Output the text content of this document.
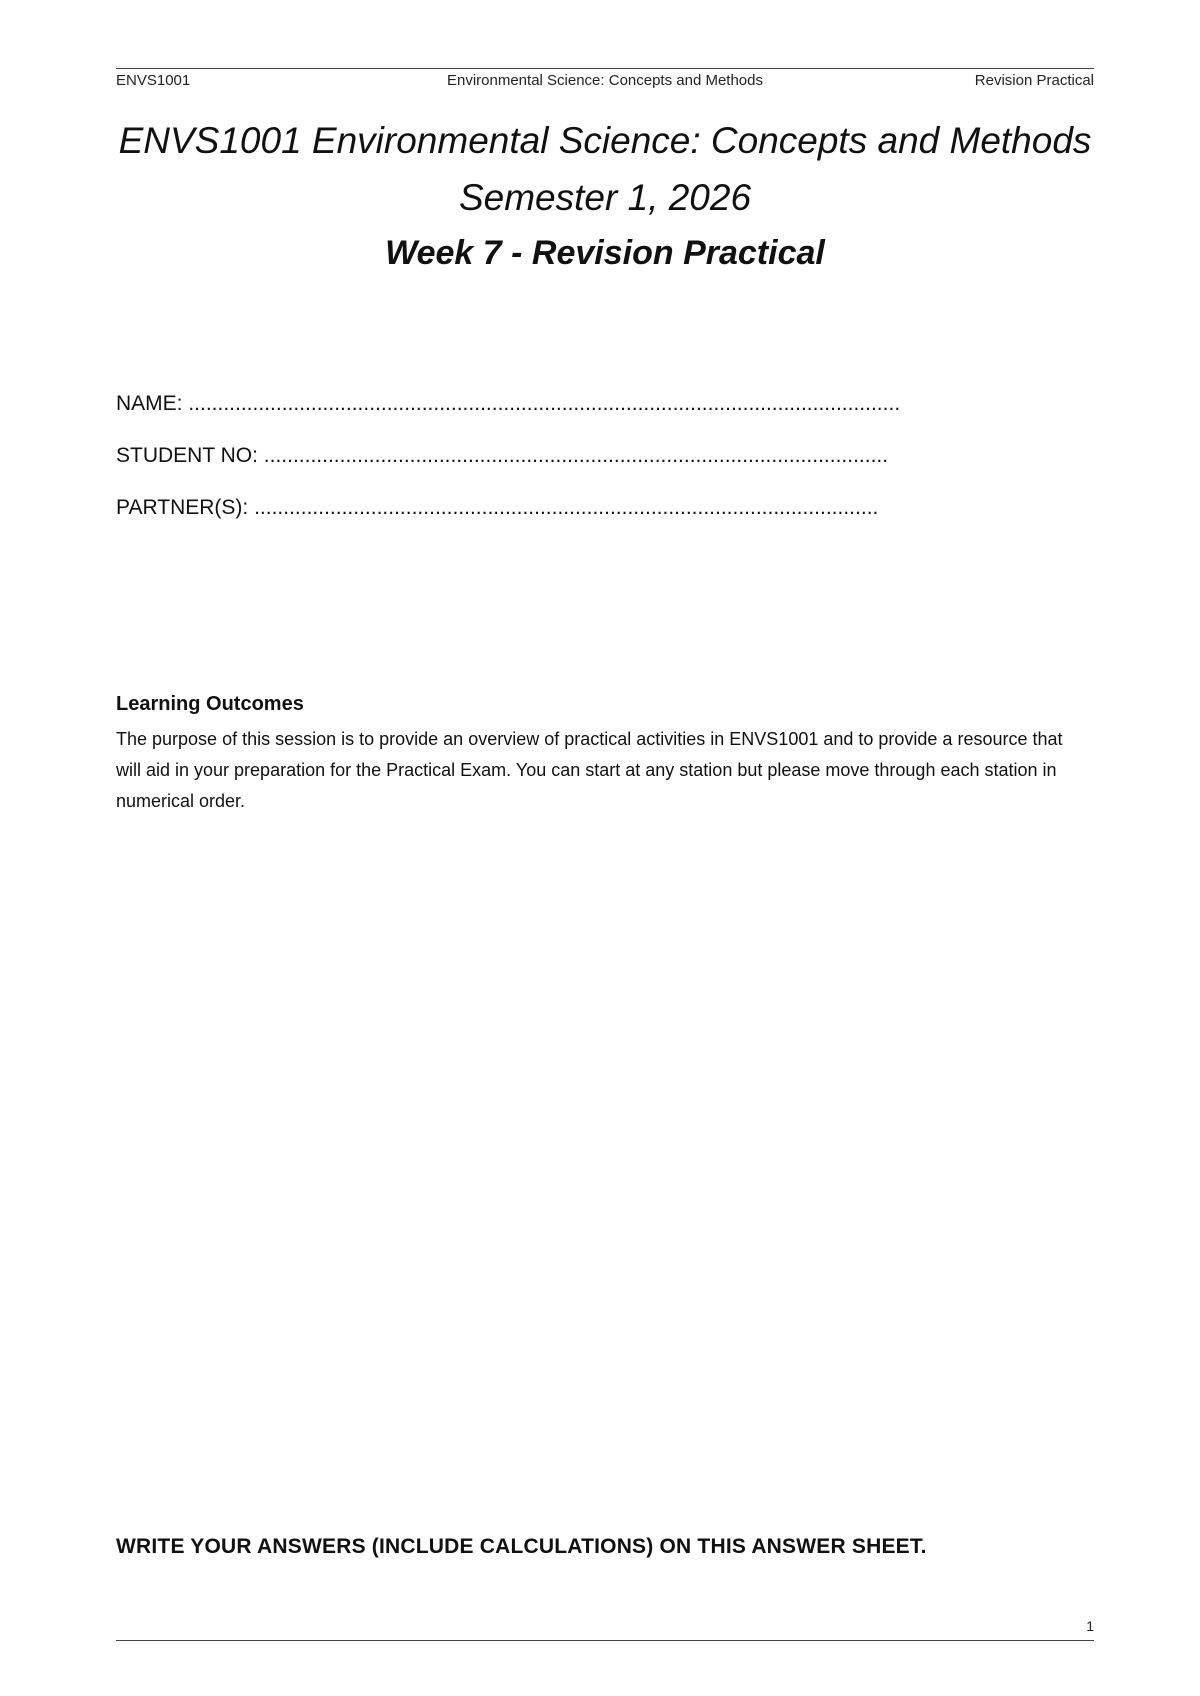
ENVS1001	Environmental Science: Concepts and Methods	Revision Practical
ENVS1001 Environmental Science: Concepts and Methods
Semester 1, 2026
Week 7 - Revision Practical
NAME: ..........................................................................................................................
STUDENT NO: ...........................................................................................................
PARTNER(S): ...........................................................................................................
Learning Outcomes

The purpose of this session is to provide an overview of practical activities in ENVS1001 and to provide a resource that will aid in your preparation for the Practical Exam. You can start at any station but please move through each station in numerical order.

WRITE YOUR ANSWERS (INCLUDE CALCULATIONS) ON THIS ANSWER SHEET.
1
